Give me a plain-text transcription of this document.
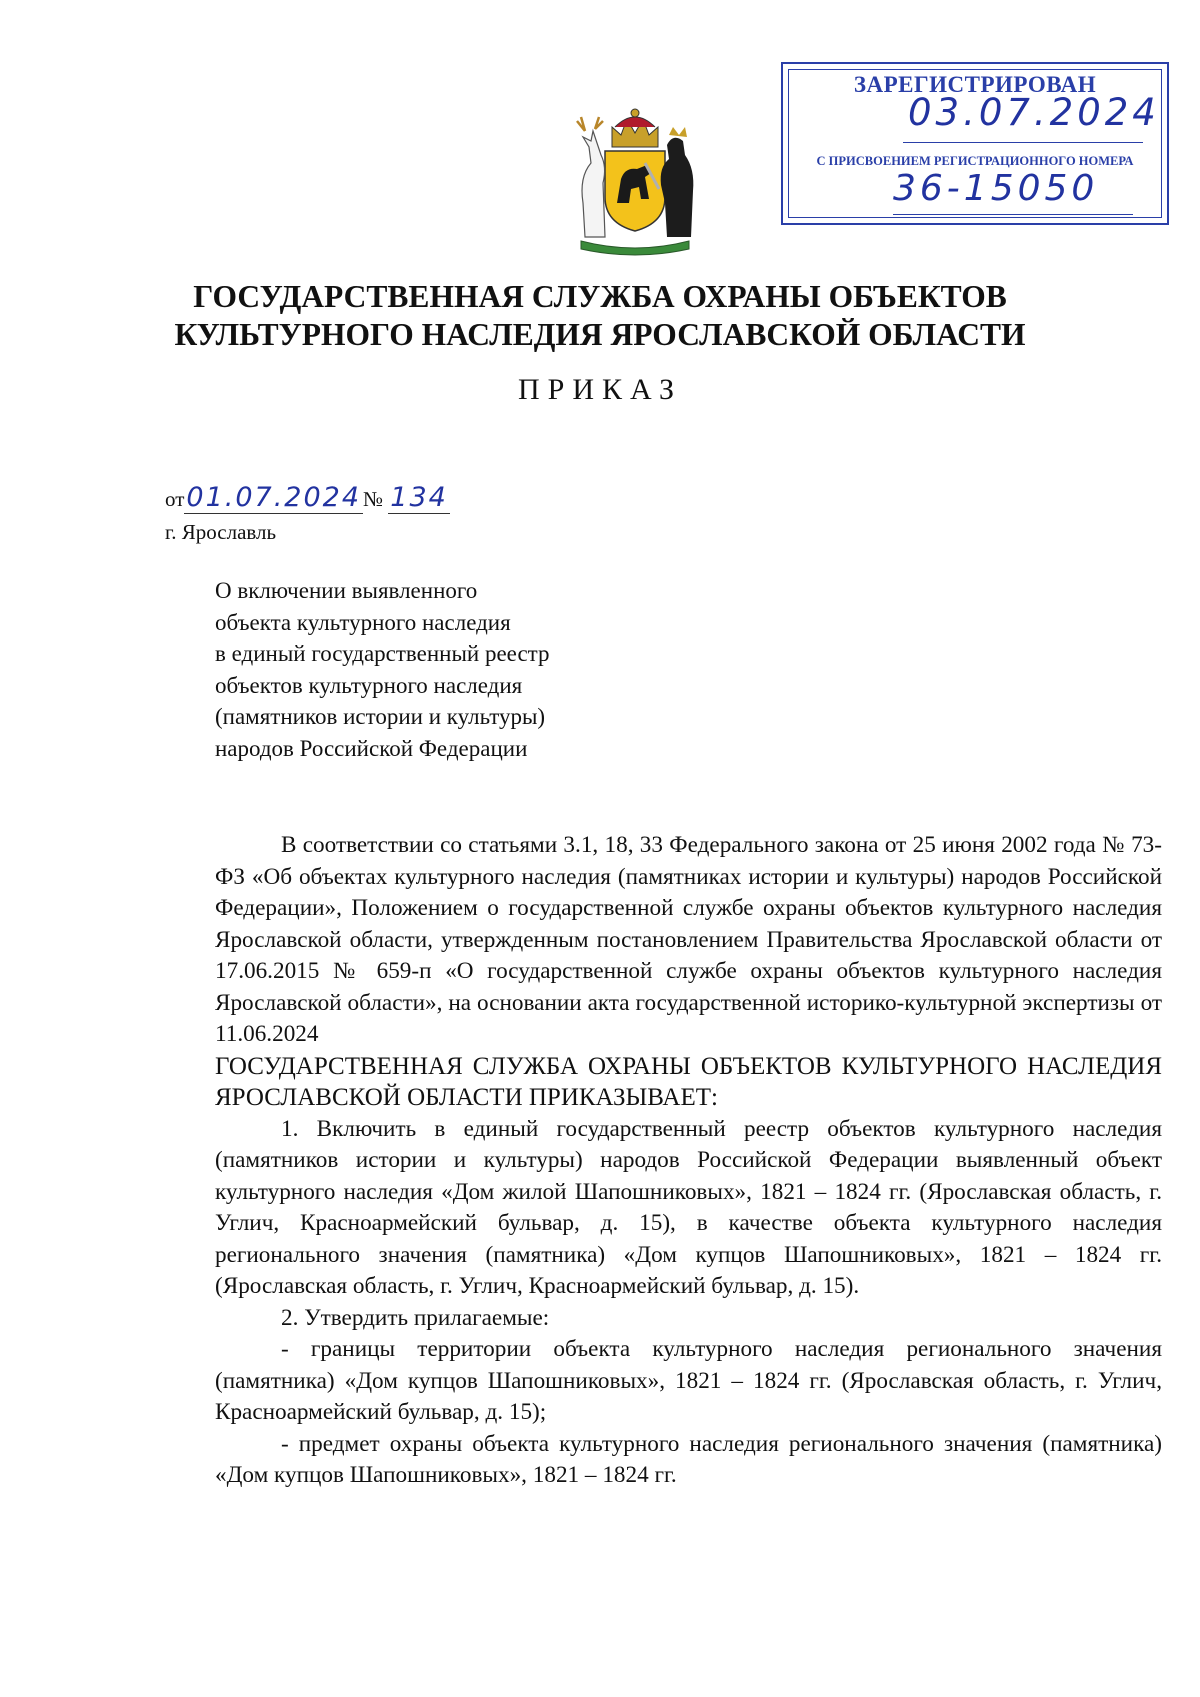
ЗАРЕГИСТРИРОВАН
03.07.2024
С ПРИСВОЕНИЕМ РЕГИСТРАЦИОННОГО НОМЕРА
36-15050
ГОСУДАРСТВЕННАЯ СЛУЖБА ОХРАНЫ ОБЪЕКТОВ
КУЛЬТУРНОГО НАСЛЕДИЯ ЯРОСЛАВСКОЙ ОБЛАСТИ
ПРИКАЗ
от01.07.2024№ 134
г. Ярославль
О включении выявленного
объекта культурного наследия
в единый государственный реестр
объектов культурного наследия
(памятников истории и культуры)
народов Российской Федерации

В соответствии со статьями 3.1, 18, 33 Федерального закона от 25 июня 2002 года № 73-ФЗ «Об объектах культурного наследия (памятниках истории и культуры) народов Российской Федерации», Положением о государственной службе охраны объектов культурного наследия Ярославской области, утвержденным постановлением Правительства Ярославской области от 17.06.2015 № 659-п «О государственной службе охраны объектов культурного наследия Ярославской области», на основании акта государственной историко-культурной экспертизы от 11.06.2024

ГОСУДАРСТВЕННАЯ СЛУЖБА ОХРАНЫ ОБЪЕКТОВ КУЛЬТУРНОГО НАСЛЕДИЯ ЯРОСЛАВСКОЙ ОБЛАСТИ ПРИКАЗЫВАЕТ:

1. Включить в единый государственный реестр объектов культурного наследия (памятников истории и культуры) народов Российской Федерации выявленный объект культурного наследия «Дом жилой Шапошниковых», 1821 – 1824 гг. (Ярославская область, г. Углич, Красноармейский бульвар, д. 15), в качестве объекта культурного наследия регионального значения (памятника) «Дом купцов Шапошниковых», 1821 – 1824 гг. (Ярославская область, г. Углич, Красноармейский бульвар, д. 15).

2. Утвердить прилагаемые:

- границы территории объекта культурного наследия регионального значения (памятника) «Дом купцов Шапошниковых», 1821 – 1824 гг. (Ярославская область, г. Углич, Красноармейский бульвар, д. 15);

- предмет охраны объекта культурного наследия регионального значения (памятника) «Дом купцов Шапошниковых», 1821 – 1824 гг.
